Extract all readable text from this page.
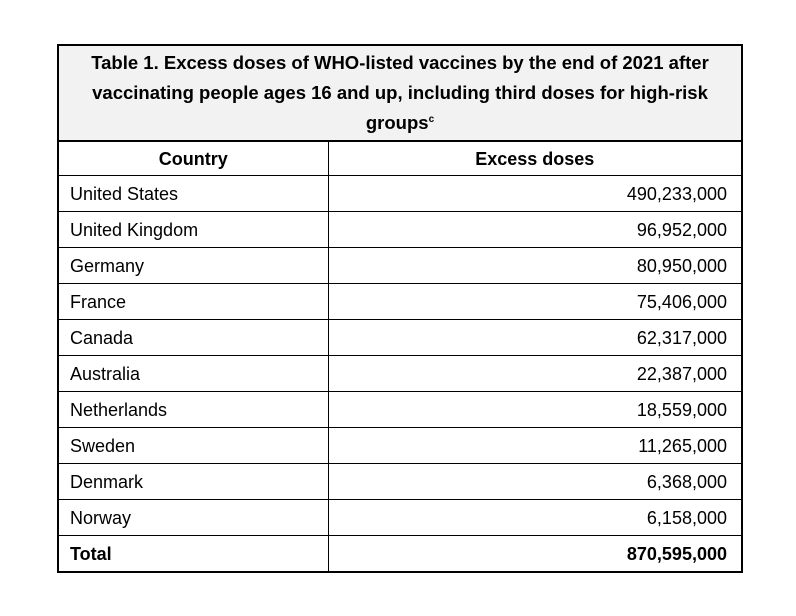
Table 1. Excess doses of WHO-listed vaccines by the end of 2021 after vaccinating people ages 16 and up, including third doses for high-risk groups$^c$
Country	Excess doses
United States	490,233,000
United Kingdom	96,952,000
Germany	80,950,000
France	75,406,000
Canada	62,317,000
Australia	22,387,000
Netherlands	18,559,000
Sweden	11,265,000
Denmark	6,368,000
Norway	6,158,000
Total	870,595,000
